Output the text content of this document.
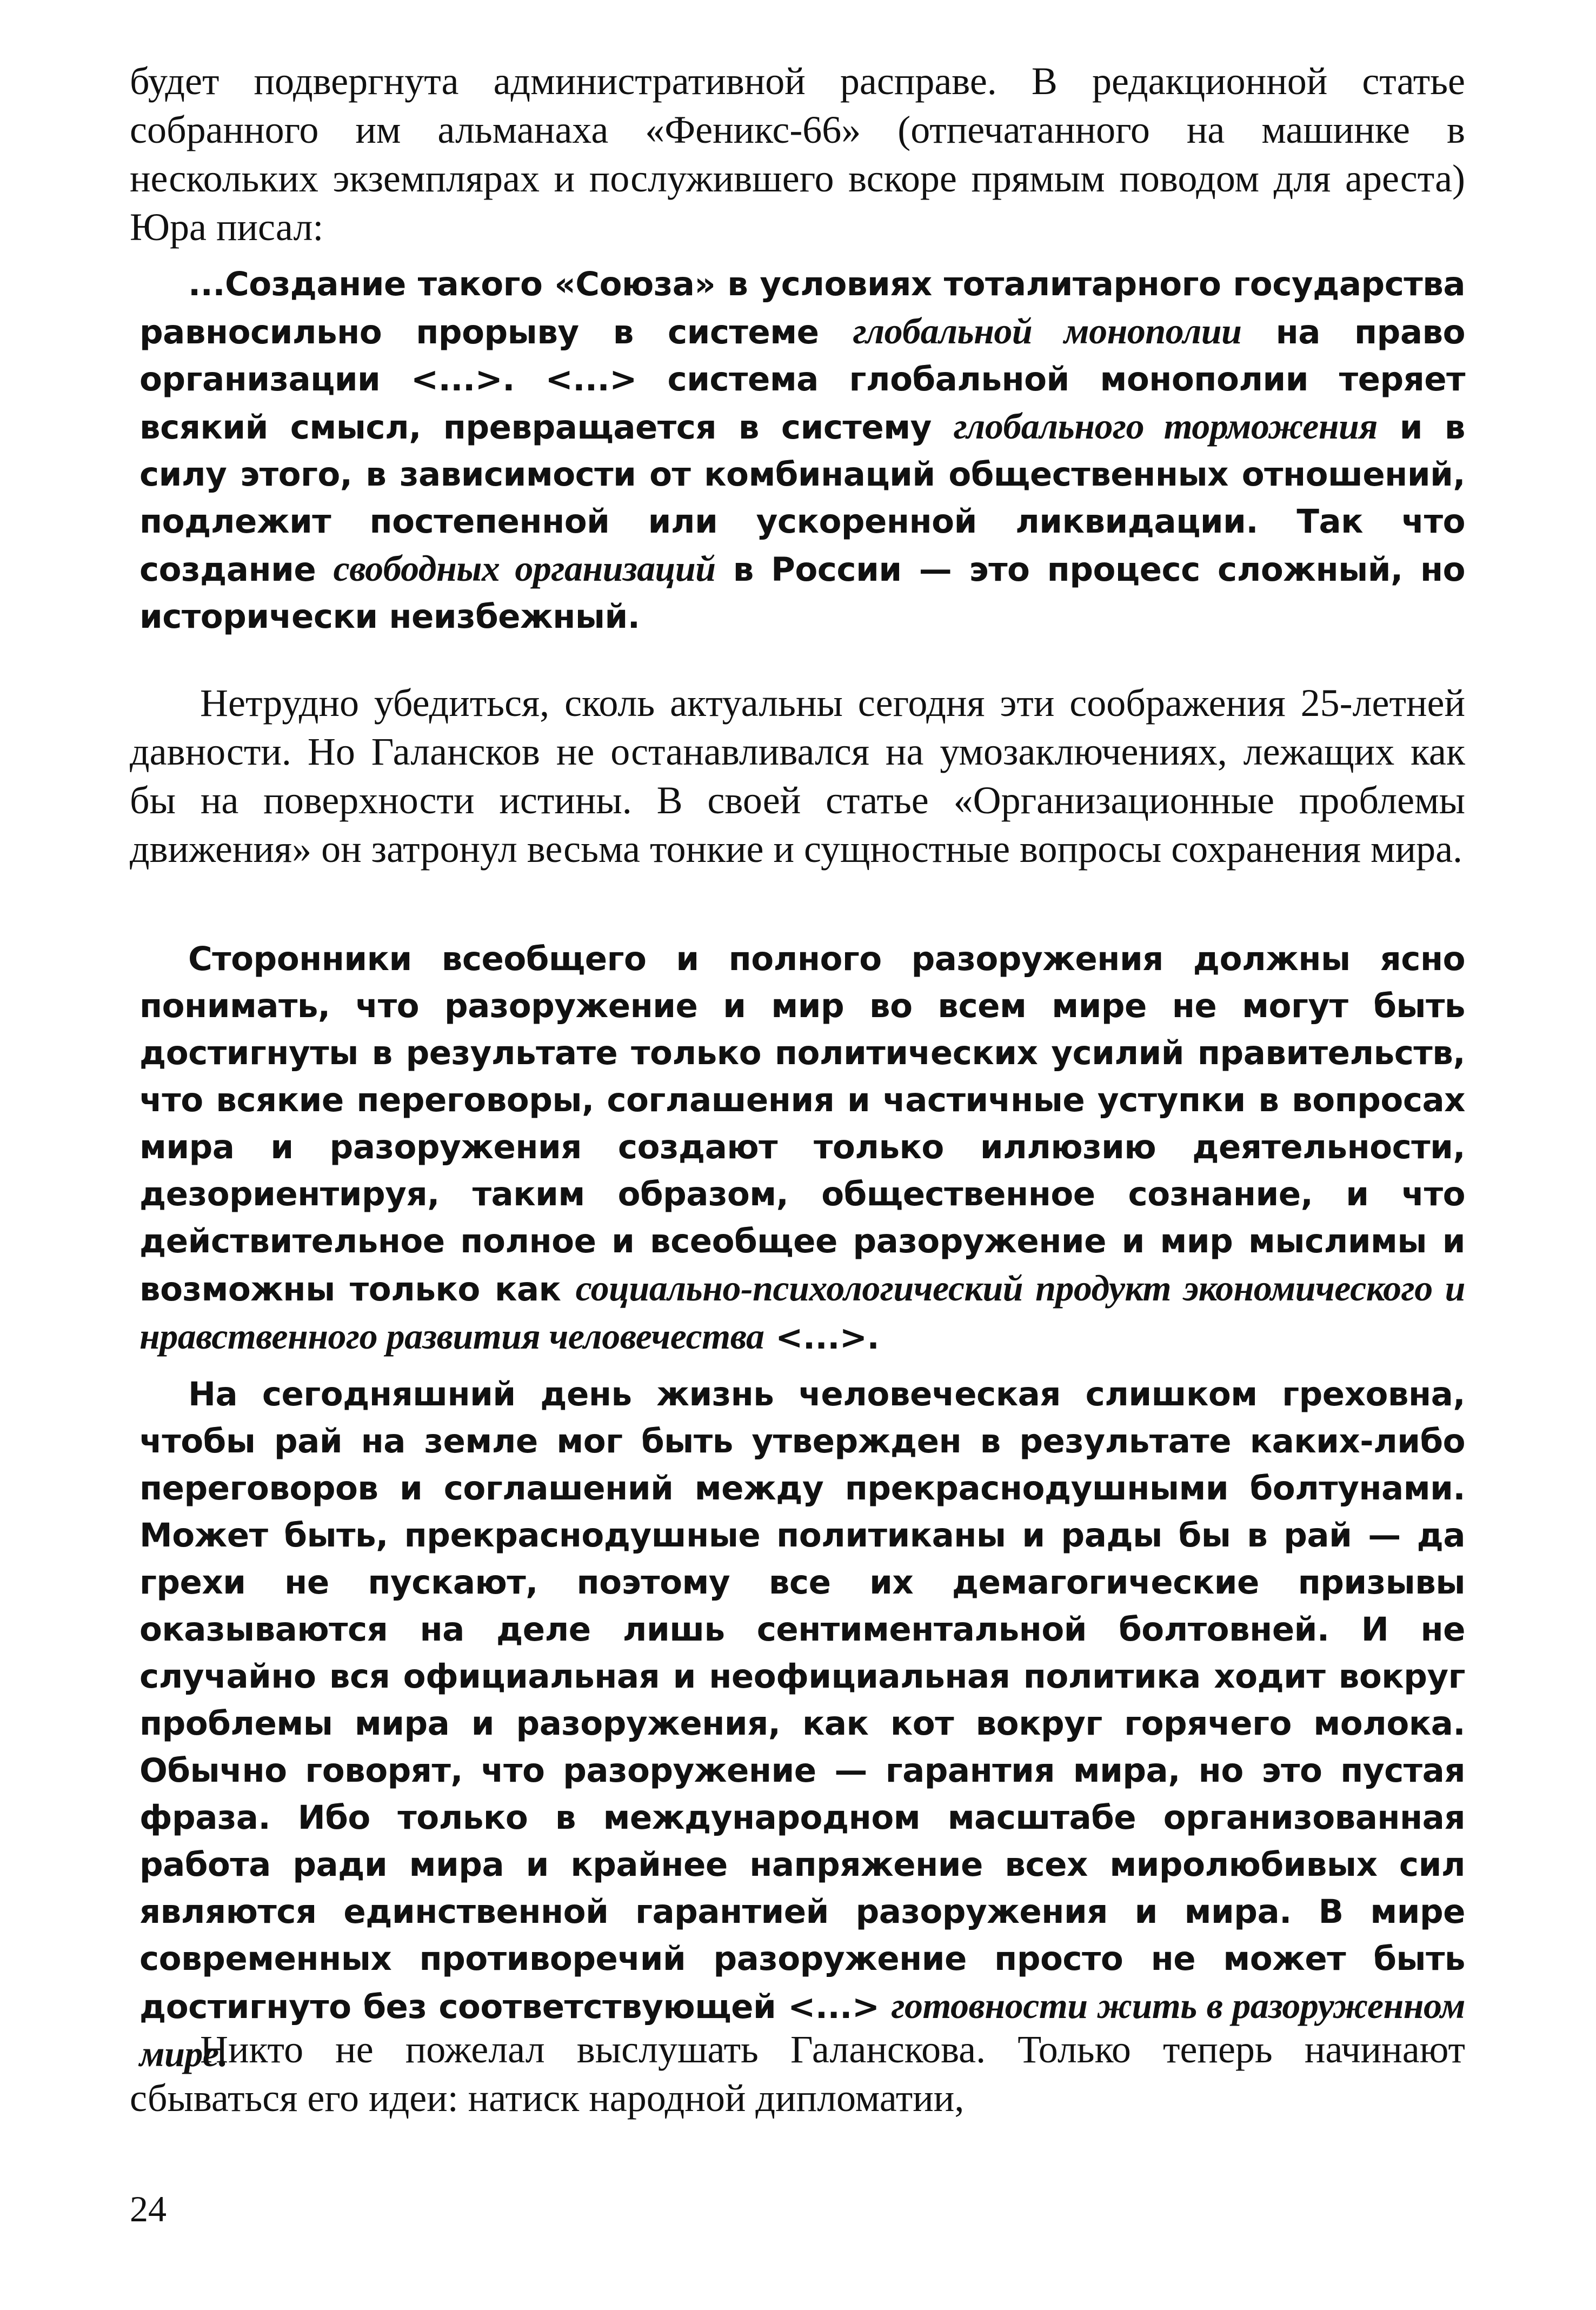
будет подвергнута административной расправе. В редакционной статье собранного им альманаха «Феникс-66» (отпечатанного на машинке в нескольких экземплярах и послужившего вскоре прямым поводом для ареста) Юра писал:

...Создание такого «Союза» в условиях тоталитарного государства равносильно прорыву в системе глобальной монополии на право организации <...>. <...> система глобальной монополии теряет всякий смысл, превращается в систему глобального торможения и в силу этого, в зависимости от комбинаций общественных отношений, подлежит постепенной или ускоренной ликвидации. Так что создание свободных организаций в России — это процесс сложный, но исторически неизбежный.

Нетрудно убедиться, сколь актуальны сегодня эти соображения 25-летней давности. Но Галансков не останавливался на умозаключениях, лежащих как бы на поверхности истины. В своей статье «Организационные проблемы движения» он затронул весьма тонкие и сущностные вопросы сохранения мира.

Сторонники всеобщего и полного разоружения должны ясно понимать, что разоружение и мир во всем мире не могут быть достигнуты в результате только политических усилий правительств, что всякие переговоры, соглашения и частичные уступки в вопросах мира и разоружения создают только иллюзию деятельности, дезориентируя, таким образом, общественное сознание, и что действительное полное и всеобщее разоружение и мир мыслимы и возможны только как социально-психологический продукт экономического и нравственного развития человечества <...>.

На сегодняшний день жизнь человеческая слишком греховна, чтобы рай на земле мог быть утвержден в результате каких-либо переговоров и соглашений между прекраснодушными болтунами. Может быть, прекраснодушные политиканы и рады бы в рай — да грехи не пускают, поэтому все их демагогические призывы оказываются на деле лишь сентиментальной болтовней. И не случайно вся официальная и неофициальная политика ходит вокруг проблемы мира и разоружения, как кот вокруг горячего молока. Обычно говорят, что разоружение — гарантия мира, но это пустая фраза. Ибо только в международном масштабе организованная работа ради мира и крайнее напряжение всех миролюбивых сил являются единственной гарантией разоружения и мира. В мире современных противоречий разоружение просто не может быть достигнуто без соответствующей <...> готовности жить в разоруженном мире.

Никто не пожелал выслушать Галанскова. Только теперь начинают сбываться его идеи: натиск народной дипломатии,

24
